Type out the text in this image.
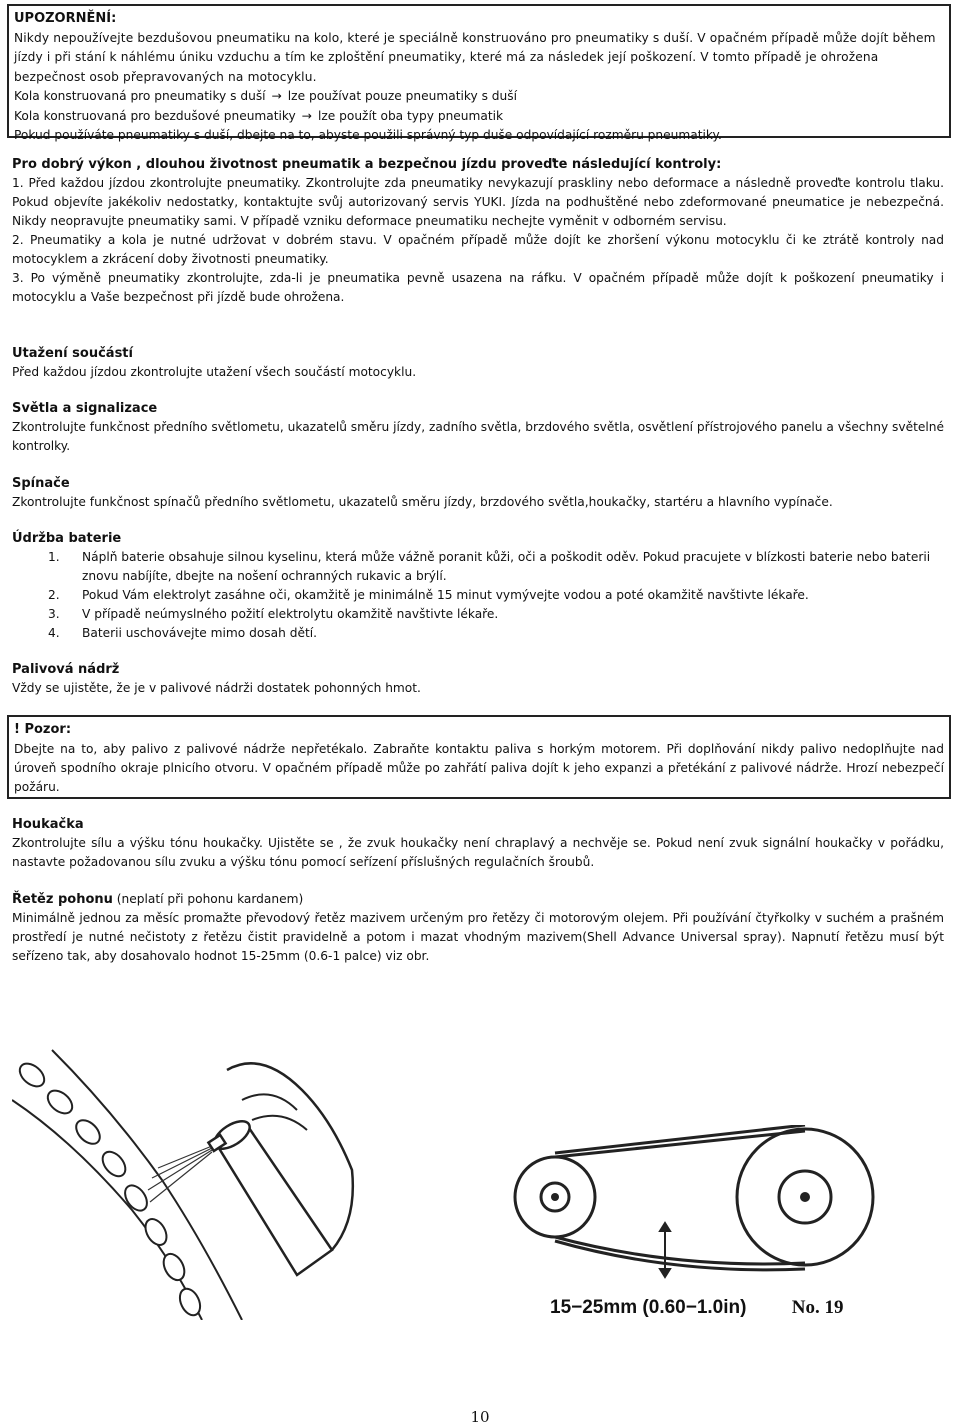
UPOZORNĚNÍ:

Nikdy nepoužívejte bezdušovou pneumatiku na kolo, které je speciálně konstruováno pro pneumatiky s duší. V opačném případě může dojít během jízdy i při stání k náhlému úniku vzduchu a tím ke zploštění pneumatiky, které má za následek její poškození. V tomto případě je ohrožena bezpečnost osob přepravovaných na motocyklu.

Kola konstruovaná pro pneumatiky s duší → lze používat pouze pneumatiky s duší

Kola konstruovaná pro bezdušové pneumatiky → lze použít oba typy pneumatik

Pokud používáte pneumatiky s duší, dbejte na to, abyste použili správný typ duše odpovídající rozměru pneumatiky.

Pro dobrý výkon , dlouhou životnost pneumatik a bezpečnou jízdu proveďte následující kontroly:

1. Před každou jízdou zkontrolujte pneumatiky. Zkontrolujte zda pneumatiky nevykazují praskliny nebo deformace a následně proveďte kontrolu tlaku. Pokud objevíte jakékoliv nedostatky, kontaktujte svůj autorizovaný servis YUKI. Jízda na podhuštěné nebo zdeformované pneumatice je nebezpečná. Nikdy neopravujte pneumatiky sami. V případě vzniku deformace pneumatiku nechejte vyměnit v odborném servisu.

2. Pneumatiky a kola je nutné udržovat v dobrém stavu. V opačném případě může dojít ke zhoršení výkonu motocyklu či ke ztrátě kontroly nad motocyklem a zkrácení doby životnosti pneumatiky.

3. Po výměně pneumatiky zkontrolujte, zda-li je pneumatika pevně usazena na ráfku. V opačném případě může dojít k poškození pneumatiky i motocyklu a Vaše bezpečnost při jízdě bude ohrožena.

Utažení součástí

Před každou jízdou zkontrolujte utažení všech součástí motocyklu.

Světla a signalizace

Zkontrolujte funkčnost předního světlometu, ukazatelů směru jízdy, zadního světla, brzdového světla, osvětlení přístrojového panelu a všechny světelné kontrolky.

Spínače

Zkontrolujte funkčnost spínačů předního světlometu, ukazatelů směru jízdy, brzdového světla,houkačky, startéru a hlavního vypínače.

Údržba baterie

1.	Náplň baterie obsahuje silnou kyselinu, která může vážně poranit kůži, oči a poškodit oděv. Pokud pracujete v blízkosti baterie nebo baterii znovu nabíjíte, dbejte na nošení ochranných rukavic a brýlí.
2.	Pokud Vám elektrolyt zasáhne oči, okamžitě je minimálně 15 minut vymývejte vodou a poté okamžitě navštivte lékaře.
3.	V případě neúmyslného požití elektrolytu okamžitě navštivte lékaře.
4.	Baterii uschovávejte mimo dosah dětí.

Palivová nádrž

Vždy se ujistěte, že je v palivové nádrži dostatek pohonných hmot.

! Pozor:

Dbejte na to, aby palivo z palivové nádrže nepřetékalo. Zabraňte kontaktu paliva s horkým motorem. Při doplňování nikdy palivo nedoplňujte nad úroveň spodního okraje plnicího otvoru. V opačném případě může po zahřátí paliva dojít k jeho expanzi a přetékání z palivové nádrže. Hrozí nebezpečí požáru.

Houkačka

Zkontrolujte sílu a výšku tónu houkačky. Ujistěte se , že zvuk houkačky není chraplavý a nechvěje se. Pokud není zvuk signální houkačky v pořádku, nastavte požadovanou sílu zvuku a výšku tónu pomocí seřízení příslušných regulačních šroubů.

Řetěz pohonu (neplatí při pohonu kardanem)

Minimálně jednou za měsíc promažte převodový řetěz mazivem určeným pro řetězy či motorovým olejem. Při používání čtyřkolky v suchém a prašném prostředí je nutné nečistoty z řetězu čistit pravidelně a potom i mazat vhodným mazivem(Shell Advance Universal spray). Napnutí řetězu musí být seřízeno tak, aby dosahovalo hodnot 15-25mm (0.6-1 palce) viz obr.

15−25mm (0.60−1.0in) No. 19
10
